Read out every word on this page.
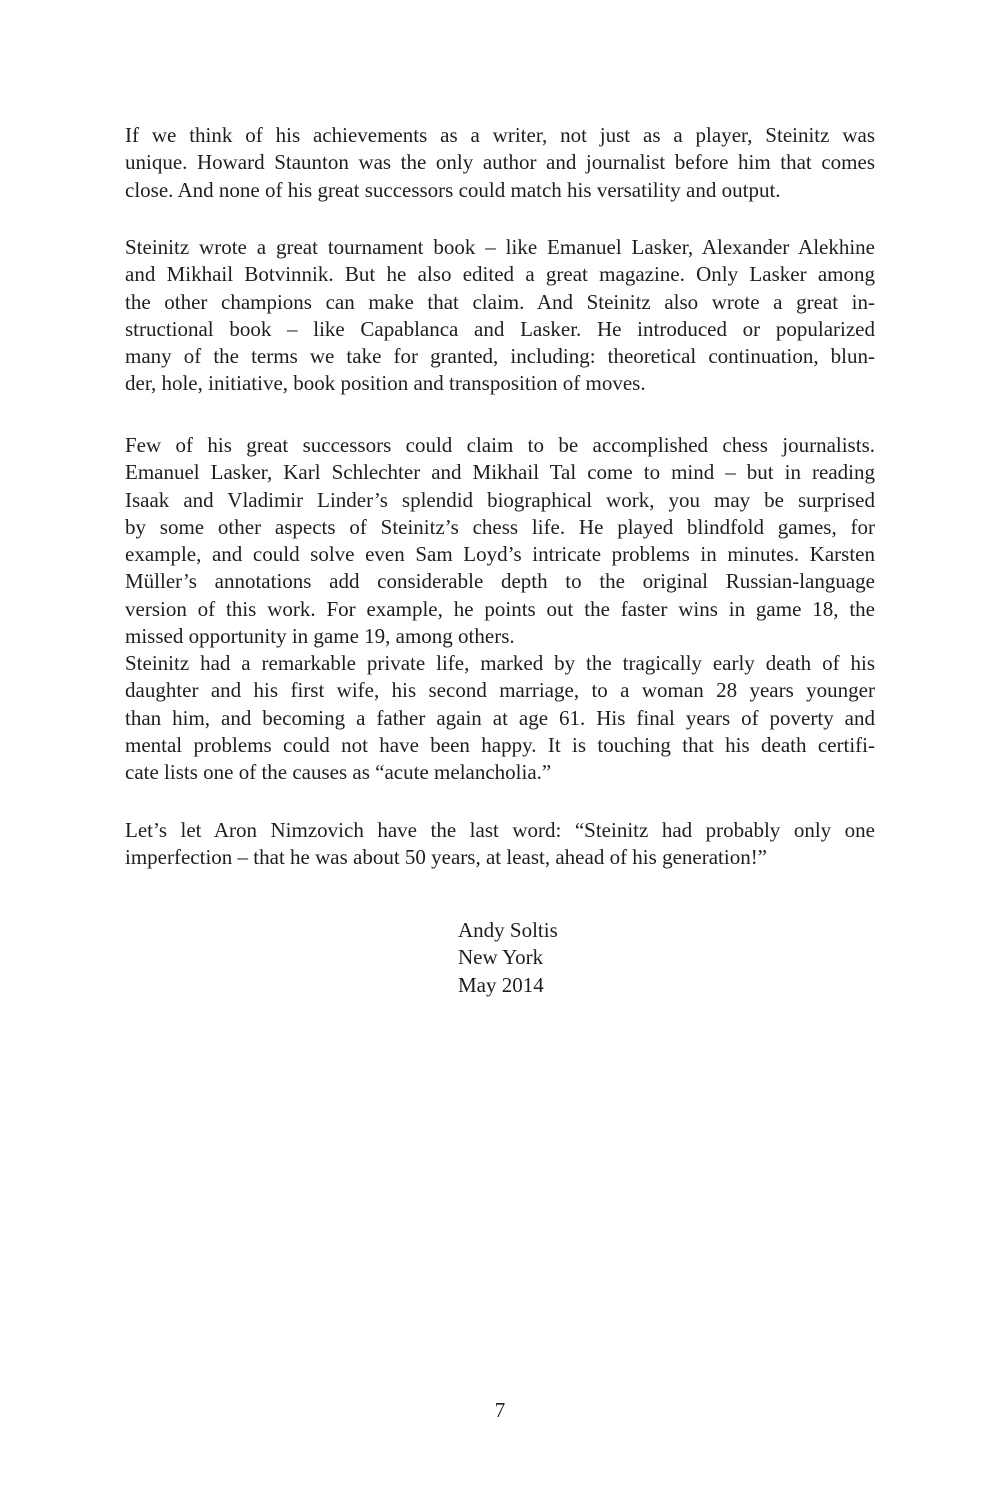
If we think of his achievements as a writer, not just as a player, Steinitz was
unique. Howard Staunton was the only author and journalist before him that comes
close. And none of his great successors could match his versatility and output.
Steinitz wrote a great tournament book – like Emanuel Lasker, Alexander Alekhine
and Mikhail Botvinnik. But he also edited a great magazine. Only Lasker among
the other champions can make that claim. And Steinitz also wrote a great in-
structional book – like Capablanca and Lasker. He introduced or popularized
many of the terms we take for granted, including: theoretical continuation, blun-
der, hole, initiative, book position and transposition of moves.
Few of his great successors could claim to be accomplished chess journalists.
Emanuel Lasker, Karl Schlechter and Mikhail Tal come to mind – but in reading
Isaak and Vladimir Linder’s splendid biographical work, you may be surprised
by some other aspects of Steinitz’s chess life. He played blindfold games, for
example, and could solve even Sam Loyd’s intricate problems in minutes. Karsten
Müller’s annotations add considerable depth to the original Russian-language
version of this work. For example, he points out the faster wins in game 18, the
missed opportunity in game 19, among others.
Steinitz had a remarkable private life, marked by the tragically early death of his
daughter and his first wife, his second marriage, to a woman 28 years younger
than him, and becoming a father again at age 61. His final years of poverty and
mental problems could not have been happy. It is touching that his death certifi-
cate lists one of the causes as “acute melancholia.”
Let’s let Aron Nimzovich have the last word: “Steinitz had probably only one
imperfection – that he was about 50 years, at least, ahead of his generation!”
Andy Soltis
New York
May 2014
7
